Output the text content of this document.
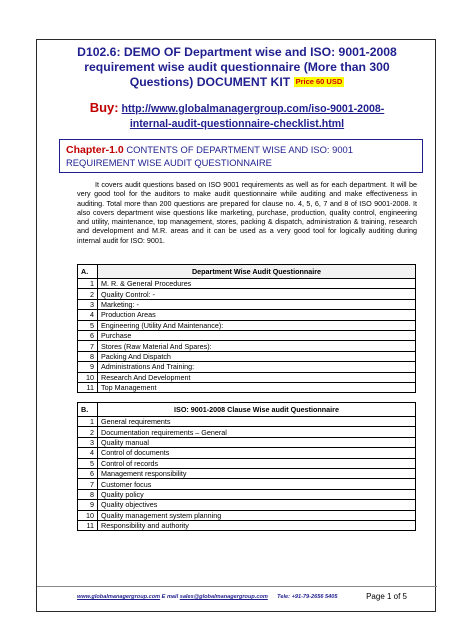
D102.6: DEMO OF Department wise and ISO: 9001-2008
requirement wise audit questionnaire (More than 300
Questions) DOCUMENT KIT Price 60 USD
Buy: http://www.globalmanagergroup.com/iso-9001-2008-
internal-audit-questionnaire-checklist.html
Chapter-1.0 CONTENTS OF DEPARTMENT WISE AND ISO: 9001
REQUIREMENT WISE AUDIT QUESTIONNAIRE

It covers audit questions based on ISO 9001 requirements as well as for each department. It will be very good tool for the auditors to make audit questionnaire while auditing and make effectiveness in auditing. Total more than 200 questions are prepared for clause no. 4, 5, 6, 7 and 8 of ISO 9001-2008. It also covers department wise questions like marketing, purchase, production, quality control, engineering and utility, maintenance, top management, stores, packing & dispatch, administration & training, research and development and M.R. areas and it can be used as a very good tool for logically auditing during internal audit for ISO: 9001.

A.	Department Wise Audit Questionnaire
1	M. R. & General Procedures
2	Quality Control: -
3	Marketing: -
4	Production Areas
5	Engineering (Utility And Maintenance):
6	Purchase
7	Stores (Raw Material And Spares):
8	Packing And Dispatch
9	Administrations And Training:
10	Research And Development
11	Top Management
B.	ISO: 9001-2008 Clause Wise audit Questionnaire
1	General requirements
2	Documentation requirements – General
3	Quality manual
4	Control of documents
5	Control of records
6	Management responsibility
7	Customer focus
8	Quality policy
9	Quality objectives
10	Quality management system planning
11	Responsibility and authority
www.globalmanagergroup.com E mail sales@globalmanagergroup.com Tele: +91-79-2656 5405	Page 1 of 5
